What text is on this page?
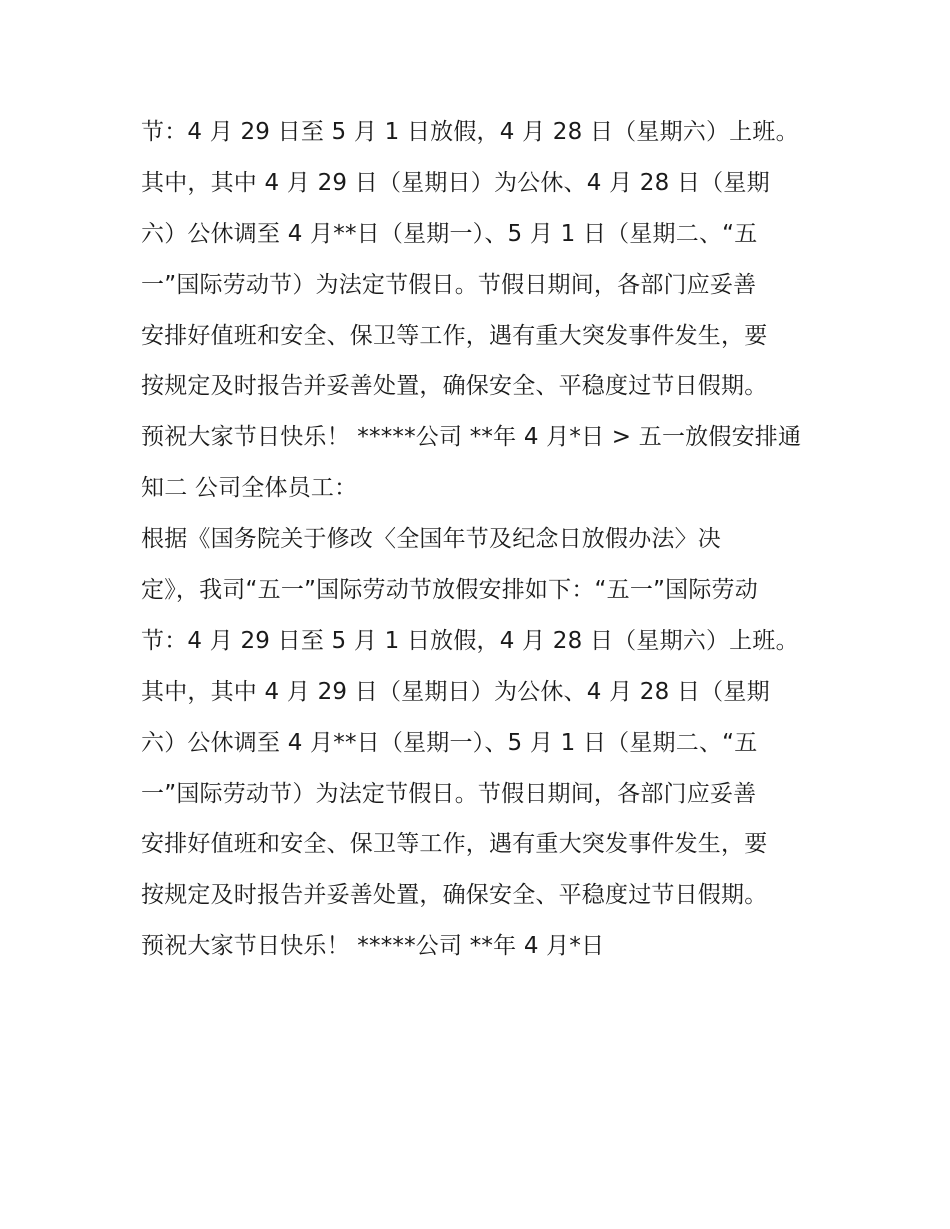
节：4 月 29 日至 5 月 1 日放假，4 月 28 日（星期六）上班。
其中，其中 4 月 29 日（星期日）为公休、4 月 28 日（星期
六）公休调至 4 月**日（星期一）、5 月 1 日（星期二、“五
一”国际劳动节）为法定节假日。节假日期间，各部门应妥善
安排好值班和安全、保卫等工作，遇有重大突发事件发生，要
按规定及时报告并妥善处置，确保安全、平稳度过节日假期。
预祝大家节日快乐！ *****公司 **年 4 月*日 > 五一放假安排通
知二 公司全体员工：
根据《国务院关于修改〈全国年节及纪念日放假办法〉决
定》，我司“五一”国际劳动节放假安排如下：“五一”国际劳动
节：4 月 29 日至 5 月 1 日放假，4 月 28 日（星期六）上班。
其中，其中 4 月 29 日（星期日）为公休、4 月 28 日（星期
六）公休调至 4 月**日（星期一）、5 月 1 日（星期二、“五
一”国际劳动节）为法定节假日。节假日期间，各部门应妥善
安排好值班和安全、保卫等工作，遇有重大突发事件发生，要
按规定及时报告并妥善处置，确保安全、平稳度过节日假期。
预祝大家节日快乐！ *****公司 **年 4 月*日
